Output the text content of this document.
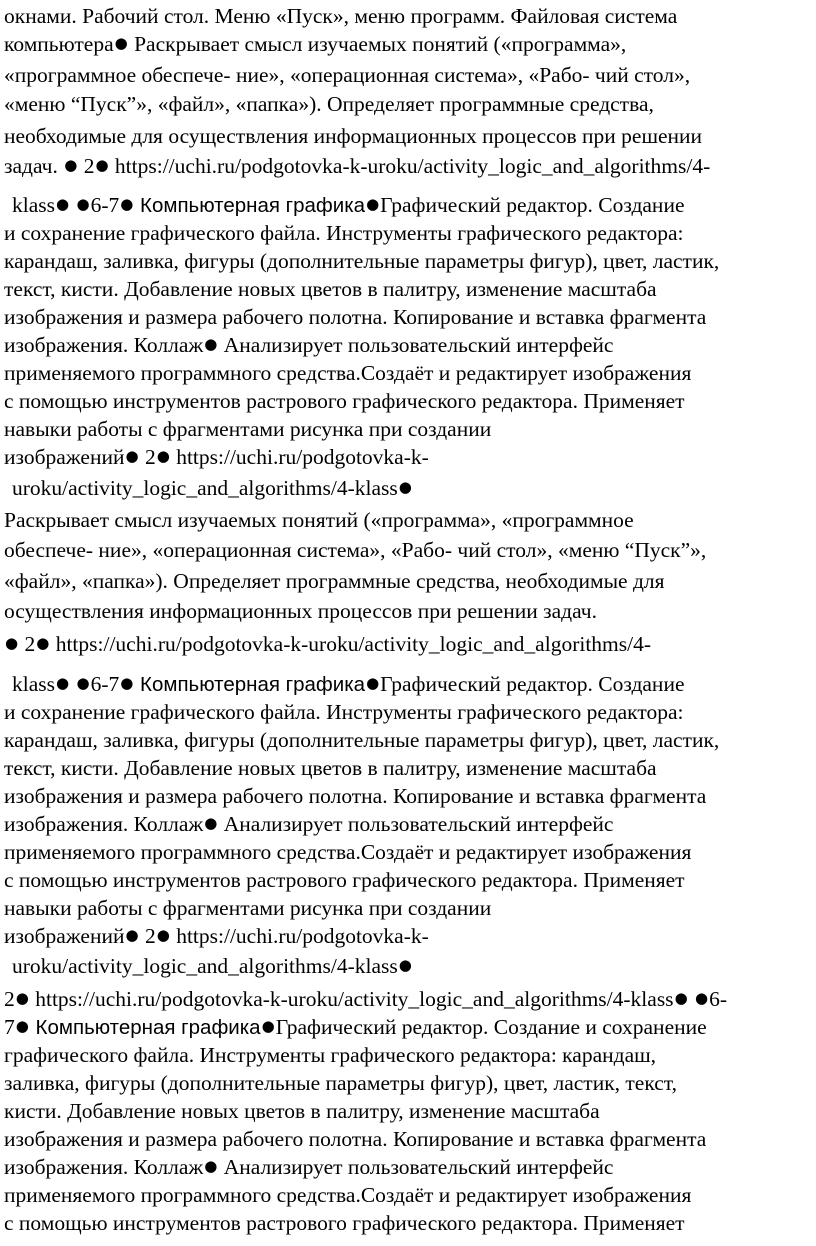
окнами. Рабочий стол. Меню «Пуск», меню программ. Файловая система
компьютера● Раскрывает смысл изучаемых понятий («программа»,
«программное обеспече- ние», «операционная система», «Рабо- чий стол»,
«меню “Пуск”», «файл», «папка»). Определяет программные средства,
необходимые для осуществления информационных процессов при решении
задач. ● 2● https://uchi.ru/podgotovka-k-uroku/activity_logic_and_algorithms/4-
klass● ●6-7● Компьютерная графика●Графический редактор. Создание
и сохранение графического файла. Инструменты графического редактора:
карандаш, заливка, фигуры (дополнительные параметры фигур), цвет, ластик,
текст, кисти. Добавление новых цветов в палитру, изменение масштаба
изображения и размера рабочего полотна. Копирование и вставка фрагмента
изображения. Коллаж● Анализирует пользовательский интерфейс
применяемого программного средства.Создаёт и редактирует изображения
с помощью инструментов растрового графического редактора. Применяет
навыки работы с фрагментами рисунка при создании
изображений● 2● https://uchi.ru/podgotovka-k-
uroku/activity_logic_and_algorithms/4-klass●
Раскрывает смысл изучаемых понятий («программа», «программное
обеспече- ние», «операционная система», «Рабо- чий стол», «меню “Пуск”»,
«файл», «папка»). Определяет программные средства, необходимые для
осуществления информационных процессов при решении задач.
● 2● https://uchi.ru/podgotovka-k-uroku/activity_logic_and_algorithms/4-
klass● ●6-7● Компьютерная графика●Графический редактор. Создание
и сохранение графического файла. Инструменты графического редактора:
карандаш, заливка, фигуры (дополнительные параметры фигур), цвет, ластик,
текст, кисти. Добавление новых цветов в палитру, изменение масштаба
изображения и размера рабочего полотна. Копирование и вставка фрагмента
изображения. Коллаж● Анализирует пользовательский интерфейс
применяемого программного средства.Создаёт и редактирует изображения
с помощью инструментов растрового графического редактора. Применяет
навыки работы с фрагментами рисунка при создании
изображений● 2● https://uchi.ru/podgotovka-k-
uroku/activity_logic_and_algorithms/4-klass●
2● https://uchi.ru/podgotovka-k-uroku/activity_logic_and_algorithms/4-klass● ●6-
7● Компьютерная графика●Графический редактор. Создание и сохранение
графического файла. Инструменты графического редактора: карандаш,
заливка, фигуры (дополнительные параметры фигур), цвет, ластик, текст,
кисти. Добавление новых цветов в палитру, изменение масштаба
изображения и размера рабочего полотна. Копирование и вставка фрагмента
изображения. Коллаж● Анализирует пользовательский интерфейс
применяемого программного средства.Создаёт и редактирует изображения
с помощью инструментов растрового графического редактора. Применяет
